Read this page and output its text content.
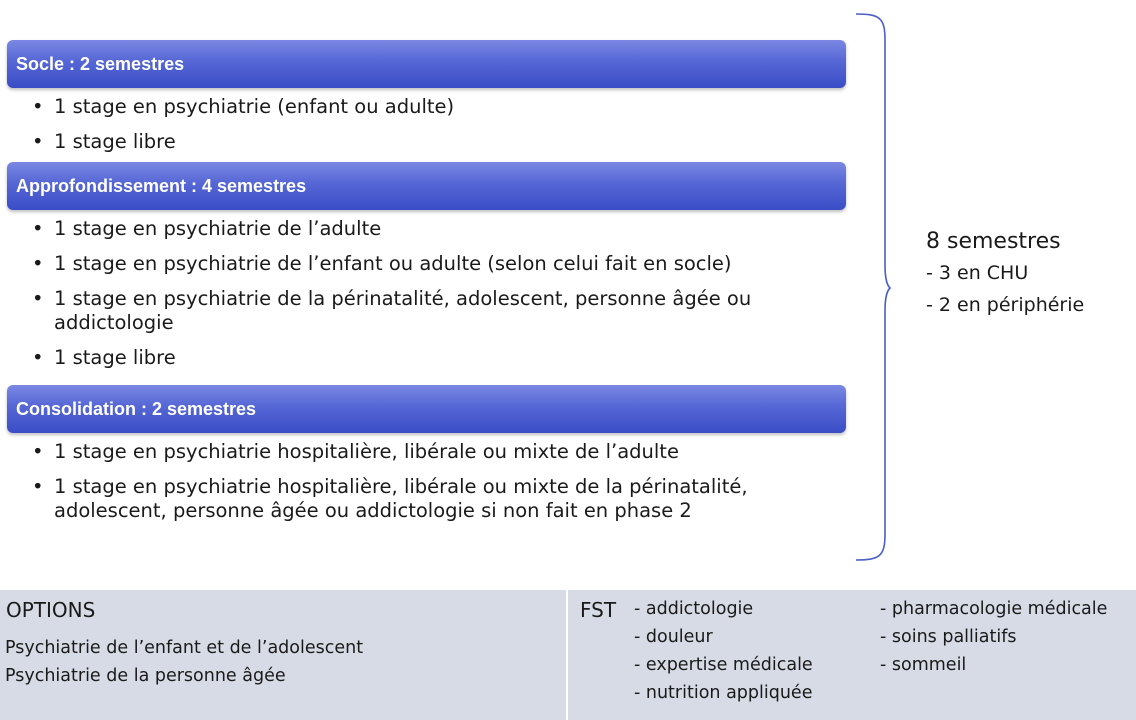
Socle : 2 semestres
• 1 stage en psychiatrie (enfant ou adulte)
• 1 stage libre
Approfondissement : 4 semestres
• 1 stage en psychiatrie de l’adulte
• 1 stage en psychiatrie de l’enfant ou adulte (selon celui fait en socle)
• 1 stage en psychiatrie de la périnatalité, adolescent, personne âgée ou addictologie
• 1 stage libre
Consolidation : 2 semestres
• 1 stage en psychiatrie hospitalière, libérale ou mixte de l’adulte
• 1 stage en psychiatrie hospitalière, libérale ou mixte de la périnatalité, adolescent, personne âgée ou addictologie si non fait en phase 2
8 semestres
- 3 en CHU
- 2 en périphérie
OPTIONS
Psychiatrie de l’enfant et de l’adolescent
Psychiatrie de la personne âgée
FST - addictologie
- douleur
- expertise médicale
- nutrition appliquée
- pharmacologie médicale
- soins palliatifs
- sommeil
